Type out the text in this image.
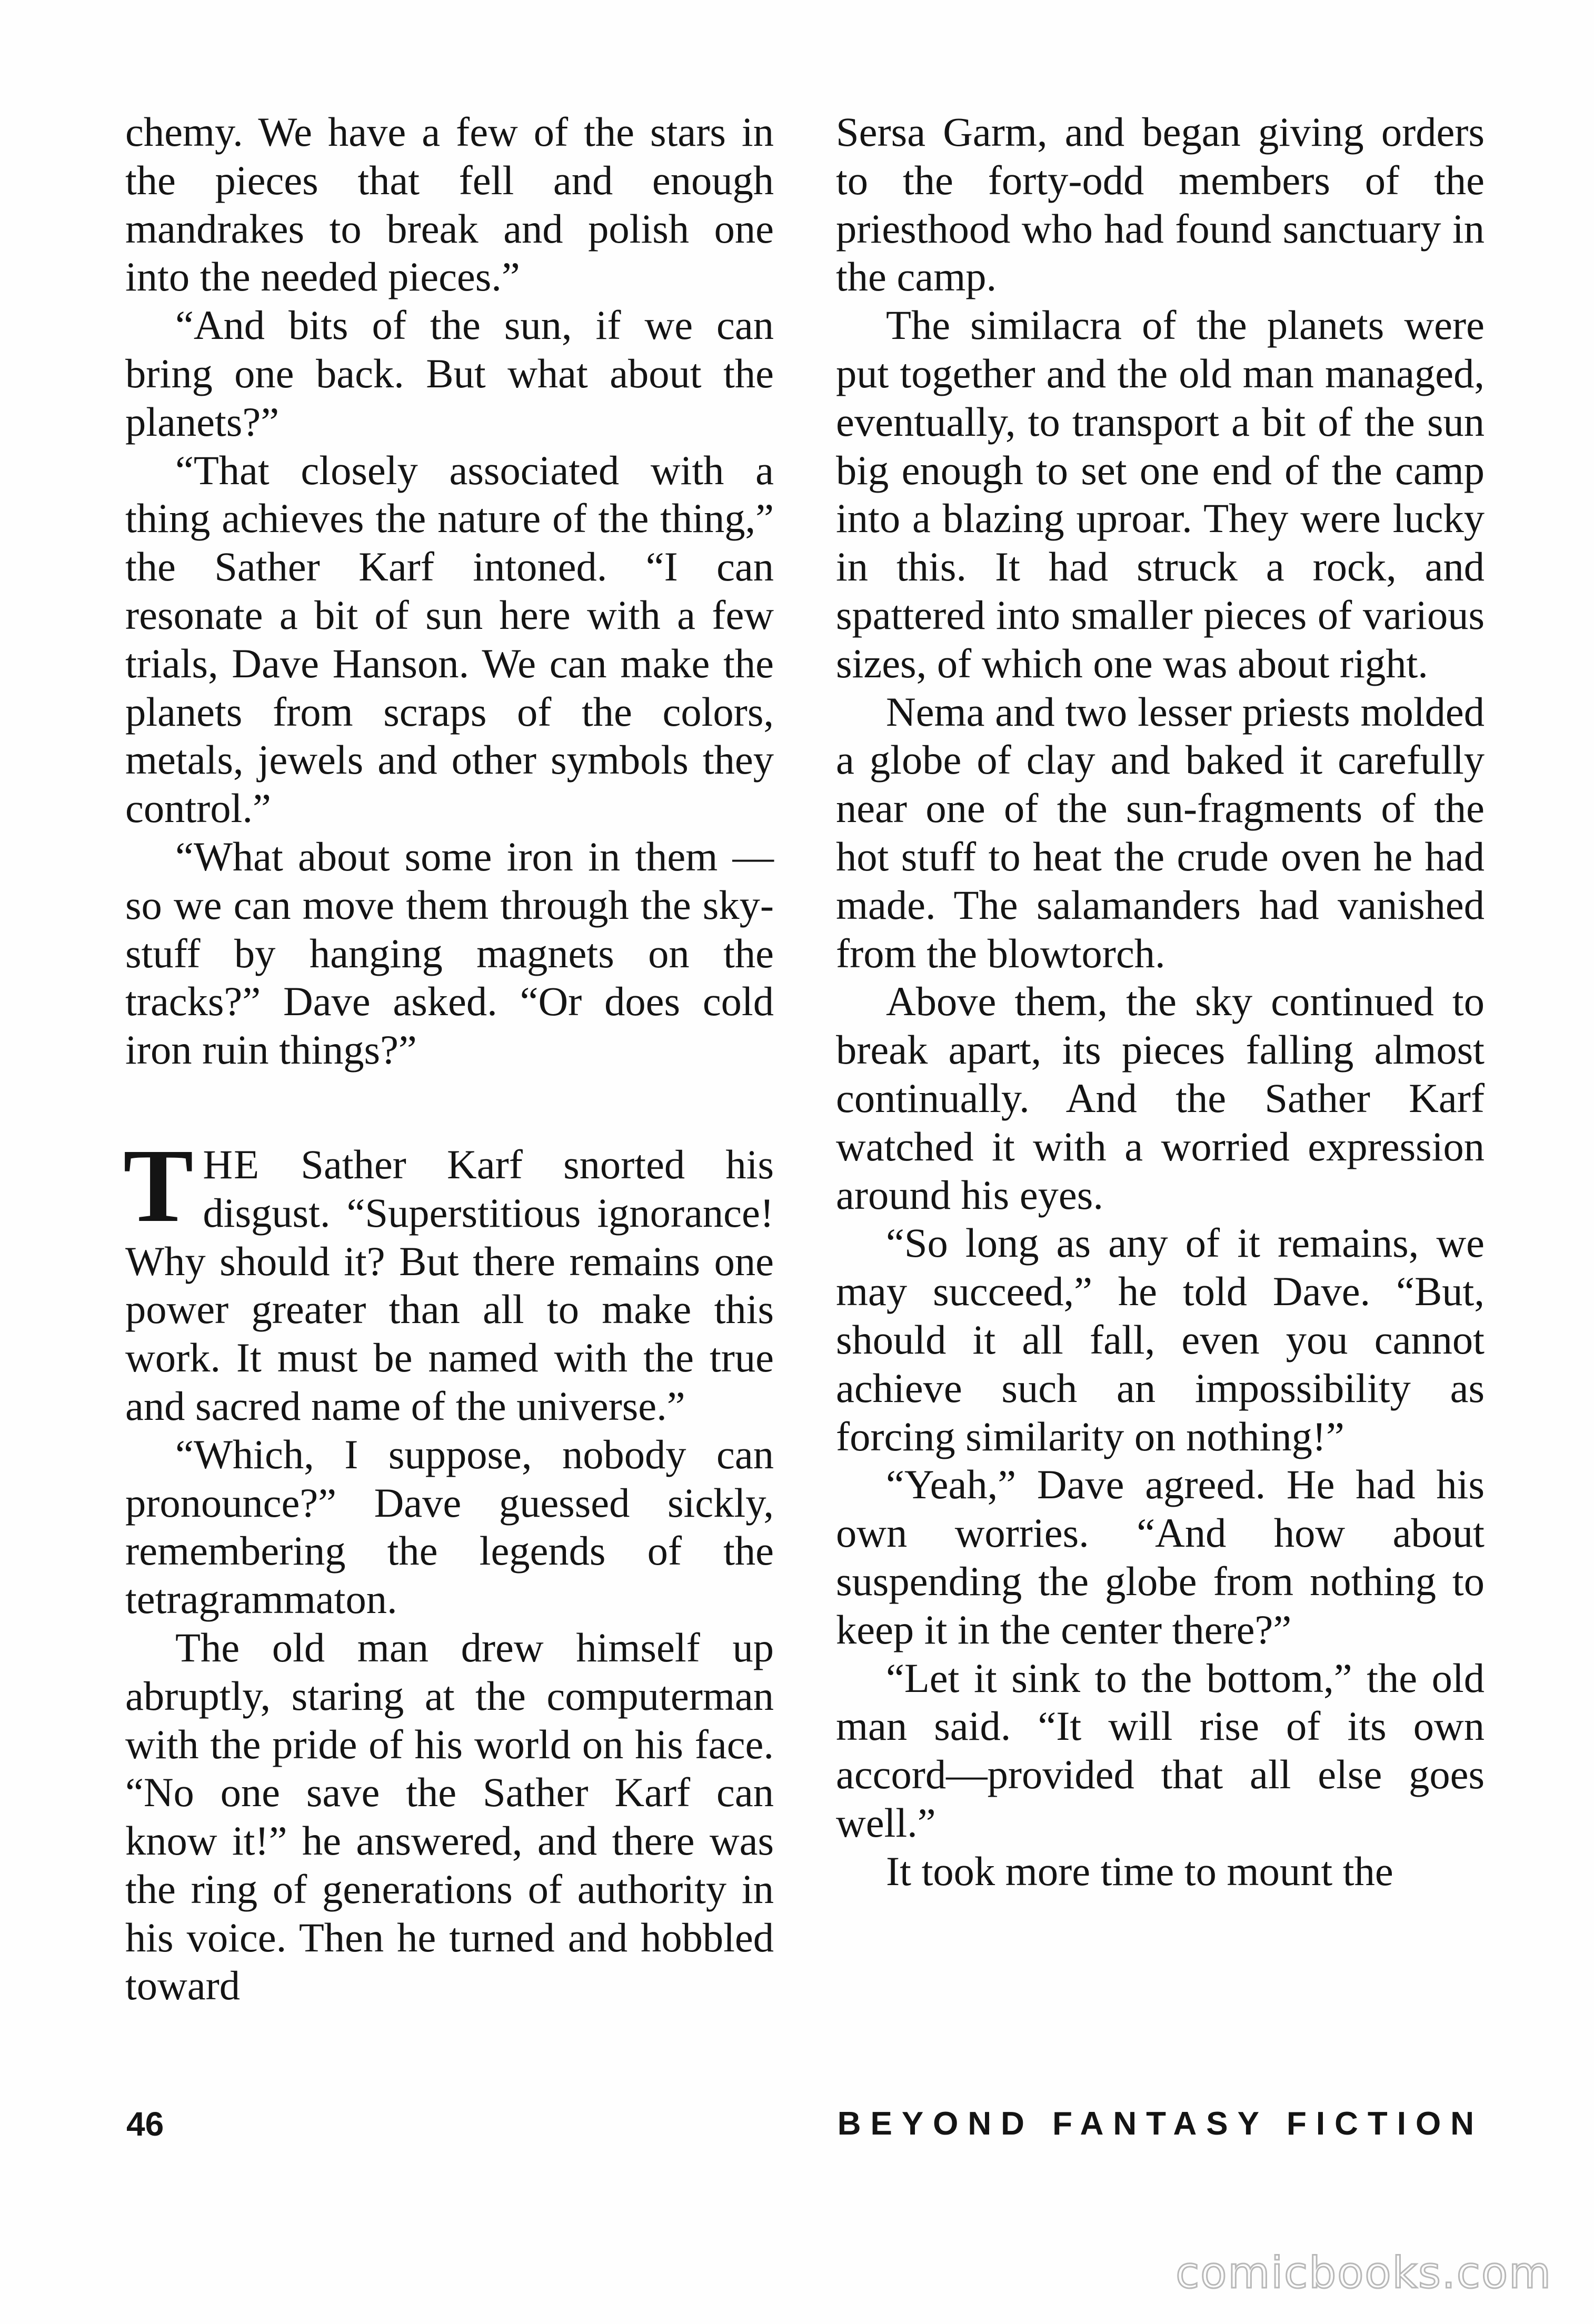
chemy. We have a few of the stars in the pieces that fell and enough mandrakes to break and polish one into the needed pieces.”

“And bits of the sun, if we can bring one back. But what about the planets?”

“That closely associated with a thing achieves the nature of the thing,” the Sather Karf intoned. “I can resonate a bit of sun here with a few trials, Dave Hanson. We can make the planets from scraps of the colors, metals, jewels and other symbols they control.”

“What about some iron in them —so we can move them through the sky-stuff by hanging magnets on the tracks?” Dave asked. “Or does cold iron ruin things?”

THE Sather Karf snorted his disgust. “Superstitious ignorance! Why should it? But there remains one power greater than all to make this work. It must be named with the true and sacred name of the universe.”

“Which, I suppose, nobody can pronounce?” Dave guessed sickly, remembering the legends of the tetragrammaton.

The old man drew himself up abruptly, staring at the computerman with the pride of his world on his face. “No one save the Sather Karf can know it!” he answered, and there was the ring of generations of authority in his voice. Then he turned and hobbled toward

Sersa Garm, and began giving orders to the forty-odd members of the priesthood who had found sanctuary in the camp.

The similacra of the planets were put together and the old man managed, eventually, to transport a bit of the sun big enough to set one end of the camp into a blazing uproar. They were lucky in this. It had struck a rock, and spattered into smaller pieces of various sizes, of which one was about right.

Nema and two lesser priests molded a globe of clay and baked it carefully near one of the sun-fragments of the hot stuff to heat the crude oven he had made. The salamanders had vanished from the blowtorch.

Above them, the sky continued to break apart, its pieces falling almost continually. And the Sather Karf watched it with a worried expression around his eyes.

“So long as any of it remains, we may succeed,” he told Dave. “But, should it all fall, even you cannot achieve such an impossibility as forcing similarity on nothing!”

“Yeah,” Dave agreed. He had his own worries. “And how about suspending the globe from nothing to keep it in the center there?”

“Let it sink to the bottom,” the old man said. “It will rise of its own accord—provided that all else goes well.”

It took more time to mount the

46	BEYOND FANTASY FICTION
comicbooks.com
